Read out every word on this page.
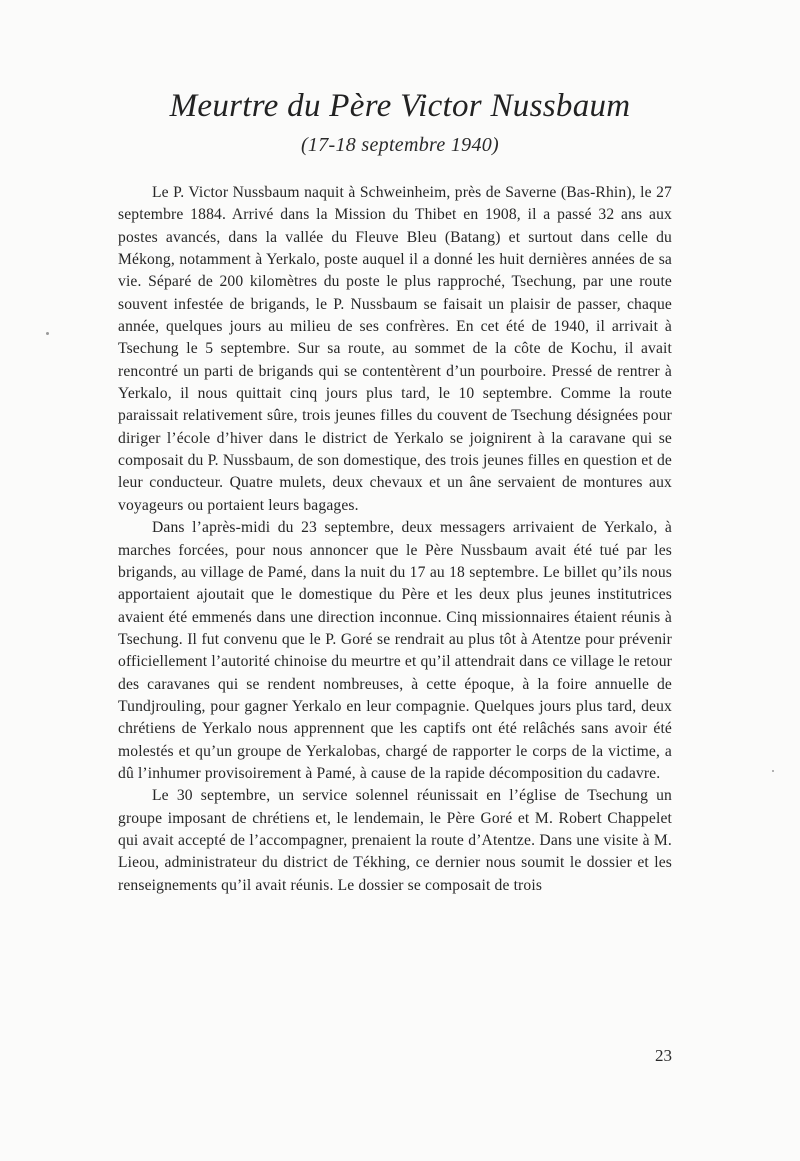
Meurtre du Père Victor Nussbaum
(17-18 septembre 1940)

Le P. Victor Nussbaum naquit à Schweinheim, près de Saverne (Bas-Rhin), le 27 septembre 1884. Arrivé dans la Mission du Thibet en 1908, il a passé 32 ans aux postes avancés, dans la vallée du Fleuve Bleu (Batang) et surtout dans celle du Mékong, notamment à Yerkalo, poste auquel il a donné les huit dernières années de sa vie. Séparé de 200 kilomètres du poste le plus rapproché, Tsechung, par une route souvent infestée de brigands, le P. Nussbaum se faisait un plaisir de passer, chaque année, quelques jours au milieu de ses confrères. En cet été de 1940, il arrivait à Tsechung le 5 septembre. Sur sa route, au sommet de la côte de Kochu, il avait rencontré un parti de brigands qui se contentèrent d’un pourboire. Pressé de rentrer à Yerkalo, il nous quittait cinq jours plus tard, le 10 septembre. Comme la route paraissait relativement sûre, trois jeunes filles du couvent de Tsechung désignées pour diriger l’école d’hiver dans le district de Yerkalo se joignirent à la caravane qui se composait du P. Nussbaum, de son domestique, des trois jeunes filles en question et de leur conducteur. Quatre mulets, deux chevaux et un âne servaient de montures aux voyageurs ou portaient leurs bagages.

Dans l’après-midi du 23 septembre, deux messagers arrivaient de Yerkalo, à marches forcées, pour nous annoncer que le Père Nussbaum avait été tué par les brigands, au village de Pamé, dans la nuit du 17 au 18 septembre. Le billet qu’ils nous apportaient ajoutait que le domestique du Père et les deux plus jeunes institutrices avaient été emmenés dans une direction inconnue. Cinq missionnaires étaient réunis à Tsechung. Il fut convenu que le P. Goré se rendrait au plus tôt à Atentze pour prévenir officiellement l’autorité chinoise du meurtre et qu’il attendrait dans ce village le retour des caravanes qui se rendent nombreuses, à cette époque, à la foire annuelle de Tundjrouling, pour gagner Yerkalo en leur compagnie. Quelques jours plus tard, deux chrétiens de Yerkalo nous apprennent que les captifs ont été relâchés sans avoir été molestés et qu’un groupe de Yerkalobas, chargé de rapporter le corps de la victime, a dû l’inhumer provisoirement à Pamé, à cause de la rapide décomposition du cadavre.

Le 30 septembre, un service solennel réunissait en l’église de Tsechung un groupe imposant de chrétiens et, le lendemain, le Père Goré et M. Robert Chappelet qui avait accepté de l’accompagner, prenaient la route d’Atentze. Dans une visite à M. Lieou, administrateur du district de Tékhing, ce dernier nous soumit le dossier et les renseignements qu’il avait réunis. Le dossier se composait de trois

23
